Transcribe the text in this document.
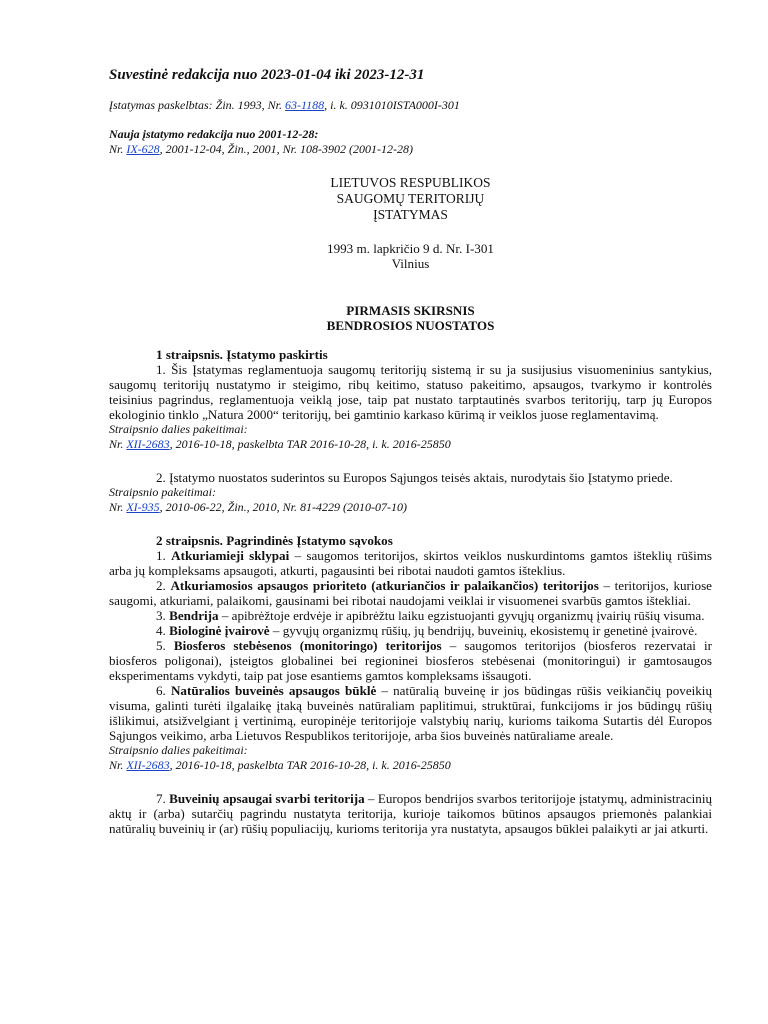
Suvestinė redakcija nuo 2023-01-04 iki 2023-12-31
Įstatymas paskelbtas: Žin. 1993, Nr. 63-1188, i. k. 0931010ISTA000I-301
Nauja įstatymo redakcija nuo 2001-12-28:
Nr. IX-628, 2001-12-04, Žin., 2001, Nr. 108-3902 (2001-12-28)
LIETUVOS RESPUBLIKOS
SAUGOMŲ TERITORIJŲ
ĮSTATYMAS
1993 m. lapkričio 9 d. Nr. I-301
Vilnius
PIRMASIS SKIRSNIS
BENDROSIOS NUOSTATOS
1 straipsnis. Įstatymo paskirtis
1. Šis Įstatymas reglamentuoja saugomų teritorijų sistemą ir su ja susijusius visuomeninius santykius, saugomų teritorijų nustatymo ir steigimo, ribų keitimo, statuso pakeitimo, apsaugos, tvarkymo ir kontrolės teisinius pagrindus, reglamentuoja veiklą jose, taip pat nustato tarptautinės svarbos teritorijų, tarp jų Europos ekologinio tinklo „Natura 2000“ teritorijų, bei gamtinio karkaso kūrimą ir veiklos juose reglamentavimą.
Straipsnio dalies pakeitimai:
Nr. XII-2683, 2016-10-18, paskelbta TAR 2016-10-28, i. k. 2016-25850
2. Įstatymo nuostatos suderintos su Europos Sąjungos teisės aktais, nurodytais šio Įstatymo priede.
Straipsnio pakeitimai:
Nr. XI-935, 2010-06-22, Žin., 2010, Nr. 81-4229 (2010-07-10)
2 straipsnis. Pagrindinės Įstatymo sąvokos
1. Atkuriamieji sklypai – saugomos teritorijos, skirtos veiklos nuskurdintoms gamtos išteklių rūšims arba jų kompleksams apsaugoti, atkurti, pagausinti bei ribotai naudoti gamtos išteklius.
2. Atkuriamosios apsaugos prioriteto (atkuriančios ir palaikančios) teritorijos – teritorijos, kuriose saugomi, atkuriami, palaikomi, gausinami bei ribotai naudojami veiklai ir visuomenei svarbūs gamtos ištekliai.
3. Bendrija – apibrėžtoje erdvėje ir apibrėžtu laiku egzistuojanti gyvųjų organizmų įvairių rūšių visuma.
4. Biologinė įvairovė – gyvųjų organizmų rūšių, jų bendrijų, buveinių, ekosistemų ir genetinė įvairovė.
5. Biosferos stebėsenos (monitoringo) teritorijos – saugomos teritorijos (biosferos rezervatai ir biosferos poligonai), įsteigtos globalinei bei regioninei biosferos stebėsenai (monitoringui) ir gamtosaugos eksperimentams vykdyti, taip pat jose esantiems gamtos kompleksams išsaugoti.
6. Natūralios buveinės apsaugos būklė – natūralią buveinę ir jos būdingas rūšis veikiančių poveikių visuma, galinti turėti ilgalaikę įtaką buveinės natūraliam paplitimui, struktūrai, funkcijoms ir jos būdingų rūšių išlikimui, atsižvelgiant į vertinimą, europinėje teritorijoje valstybių narių, kurioms taikoma Sutartis dėl Europos Sąjungos veikimo, arba Lietuvos Respublikos teritorijoje, arba šios buveinės natūraliame areale.
Straipsnio dalies pakeitimai:
Nr. XII-2683, 2016-10-18, paskelbta TAR 2016-10-28, i. k. 2016-25850
7. Buveinių apsaugai svarbi teritorija – Europos bendrijos svarbos teritorijoje įstatymų, administracinių aktų ir (arba) sutarčių pagrindu nustatyta teritorija, kurioje taikomos būtinos apsaugos priemonės palankiai natūralių buveinių ir (ar) rūšių populiacijų, kurioms teritorija yra nustatyta, apsaugos būklei palaikyti ar jai atkurti.
